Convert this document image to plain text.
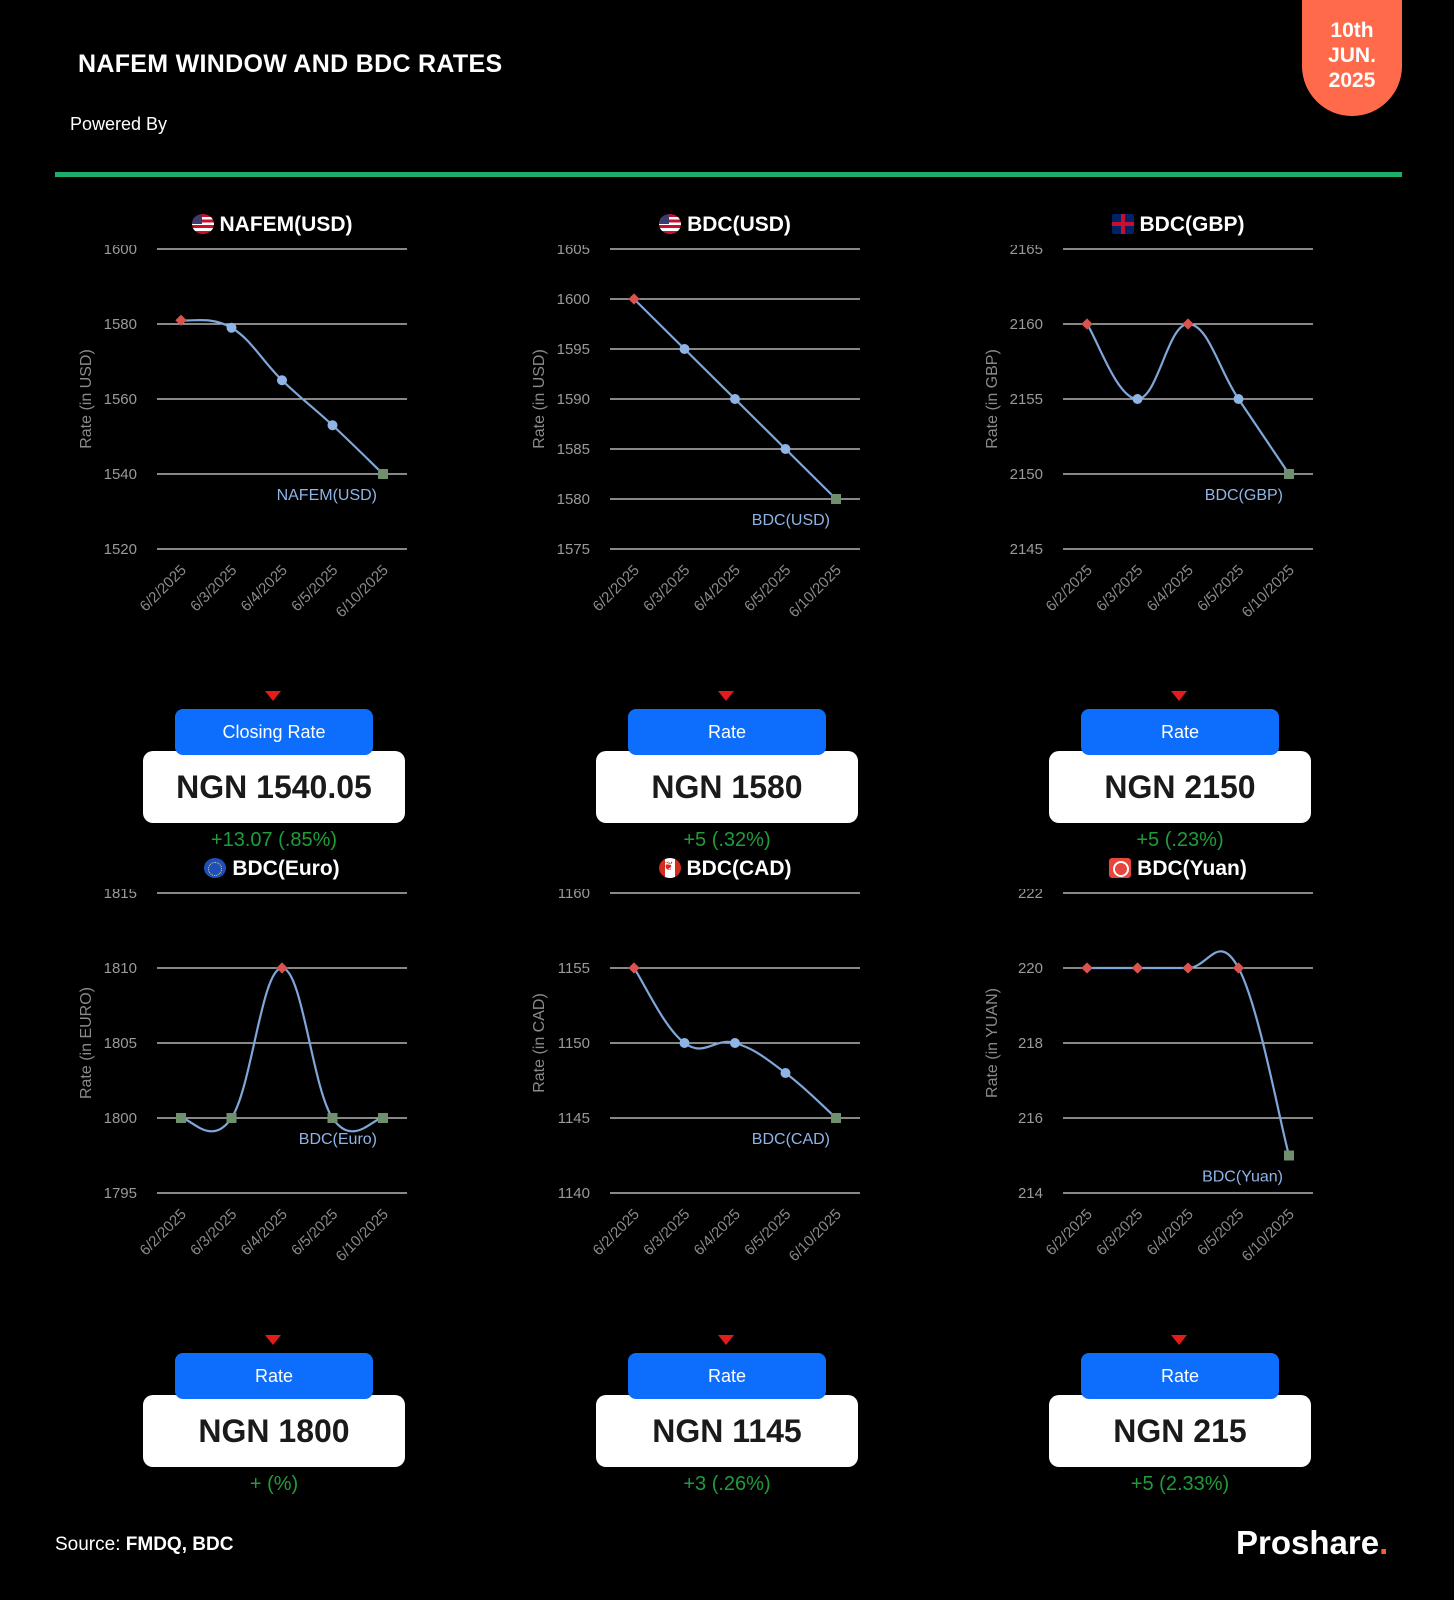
NAFEM WINDOW AND BDC RATES
Powered By
10th
JUN.
2025
NAFEM(USD)
1520
1540
1560
1580
1600
Rate (in USD)
6/2/2025
6/3/2025
6/4/2025
6/5/2025
6/10/2025
NAFEM(USD)
Closing Rate
NGN 1540.05
+13.07 (.85%)
BDC(USD)
1575
1580
1585
1590
1595
1600
1605
Rate (in USD)
6/2/2025
6/3/2025
6/4/2025
6/5/2025
6/10/2025
BDC(USD)
Rate
NGN 1580
+5 (.32%)
BDC(GBP)
2145
2150
2155
2160
2165
Rate (in GBP)
6/2/2025
6/3/2025
6/4/2025
6/5/2025
6/10/2025
BDC(GBP)
Rate
NGN 2150
+5 (.23%)
BDC(Euro)
1795
1800
1805
1810
1815
Rate (in EURO)
6/2/2025
6/3/2025
6/4/2025
6/5/2025
6/10/2025
BDC(Euro)
Rate
NGN 1800
+ (%)
❦BDC(CAD)
1140
1145
1150
1155
1160
Rate (in CAD)
6/2/2025
6/3/2025
6/4/2025
6/5/2025
6/10/2025
BDC(CAD)
Rate
NGN 1145
+3 (.26%)
BDC(Yuan)
214
216
218
220
222
Rate (in YUAN)
6/2/2025
6/3/2025
6/4/2025
6/5/2025
6/10/2025
BDC(Yuan)
Rate
NGN 215
+5 (2.33%)
Source: FMDQ, BDC	Proshare.
